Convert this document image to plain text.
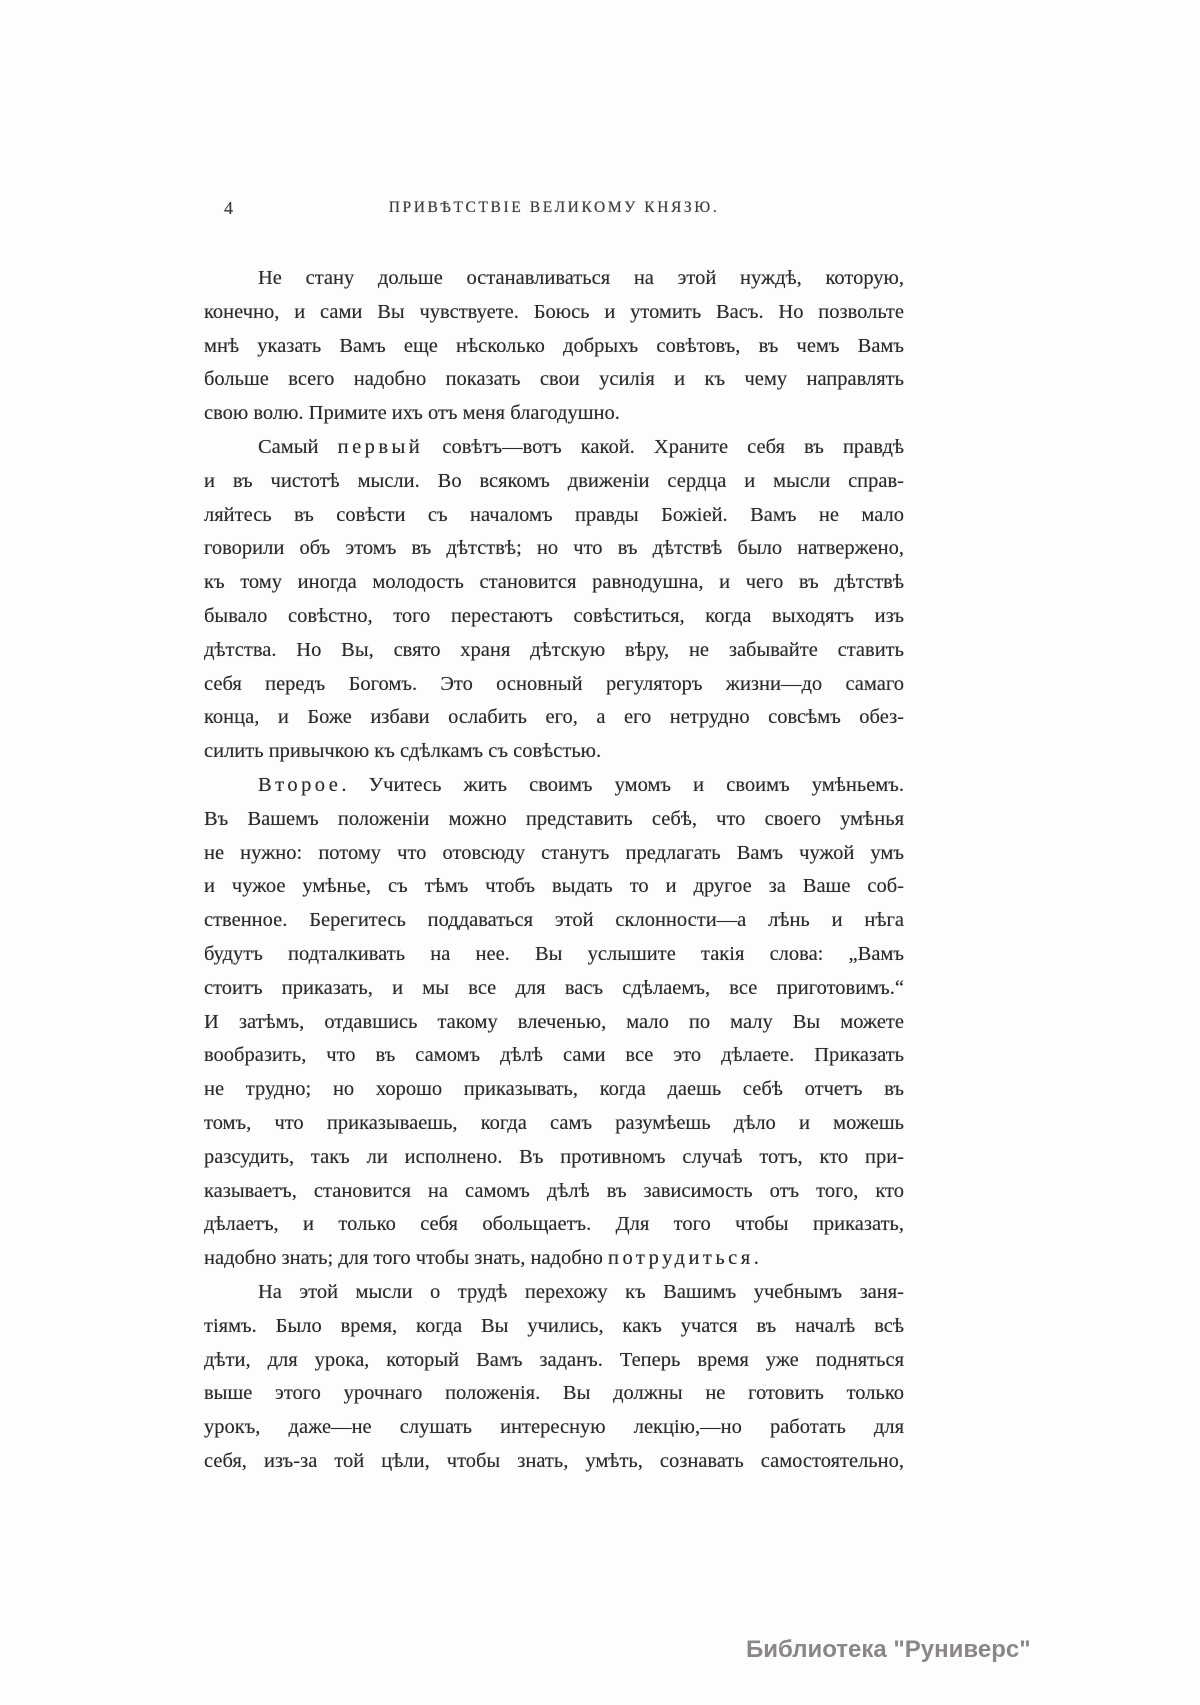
4	ПРИВѢТСТВІЕ ВЕЛИКОМУ КНЯЗЮ.

Не стану дольше останавливаться на этой нуждѣ, которую,
конечно, и сами Вы чувствуете. Боюсь и утомить Васъ. Но позвольте
мнѣ указать Вамъ еще нѣсколько добрыхъ совѣтовъ, въ чемъ Вамъ
больше всего надобно показать свои усилія и къ чему направлять
свою волю. Примите ихъ отъ меня благодушно.

Самый первый совѣтъ—вотъ какой. Храните себя въ правдѣ
и въ чистотѣ мысли. Во всякомъ движеніи сердца и мысли справ-
ляйтесь въ совѣсти съ началомъ правды Божіей. Вамъ не мало
говорили объ этомъ въ дѣтствѣ; но что въ дѣтствѣ было натвержено,
къ тому иногда молодость становится равнодушна, и чего въ дѣтствѣ
бывало совѣстно, того перестаютъ совѣститься, когда выходятъ изъ
дѣтства. Но Вы, свято храня дѣтскую вѣру, не забывайте ставить
себя передъ Богомъ. Это основный регуляторъ жизни—до самаго
конца, и Боже избави ослабить его, а его нетрудно совсѣмъ обез-
силить привычкою къ сдѣлкамъ съ совѣстью.

Второе. Учитесь жить своимъ умомъ и своимъ умѣньемъ.
Въ Вашемъ положеніи можно представить себѣ, что своего умѣнья
не нужно: потому что отовсюду станутъ предлагать Вамъ чужой умъ
и чужое умѣнье, съ тѣмъ чтобъ выдать то и другое за Ваше соб-
ственное. Берегитесь поддаваться этой склонности—а лѣнь и нѣга
будутъ подталкивать на нее. Вы услышите такія слова: „Вамъ
стоитъ приказать, и мы все для васъ сдѣлаемъ, все приготовимъ.“
И затѣмъ, отдавшись такому влеченью, мало по малу Вы можете
вообразить, что въ самомъ дѣлѣ сами все это дѣлаете. Приказать
не трудно; но хорошо приказывать, когда даешь себѣ отчетъ въ
томъ, что приказываешь, когда самъ разумѣешь дѣло и можешь
разсудить, такъ ли исполнено. Въ противномъ случаѣ тотъ, кто при-
казываетъ, становится на самомъ дѣлѣ въ зависимость отъ того, кто
дѣлаетъ, и только себя обольщаетъ. Для того чтобы приказать,
надобно знать; для того чтобы знать, надобно потрудиться.

На этой мысли о трудѣ перехожу къ Вашимъ учебнымъ заня-
тіямъ. Было время, когда Вы учились, какъ учатся въ началѣ всѣ
дѣти, для урока, который Вамъ заданъ. Теперь время уже подняться
выше этого урочнаго положенія. Вы должны не готовить только
урокъ, даже—не слушать интересную лекцію,—но работать для
себя, изъ-за той цѣли, чтобы знать, умѣть, сознавать самостоятельно,

Библиотека "Руниверс"
